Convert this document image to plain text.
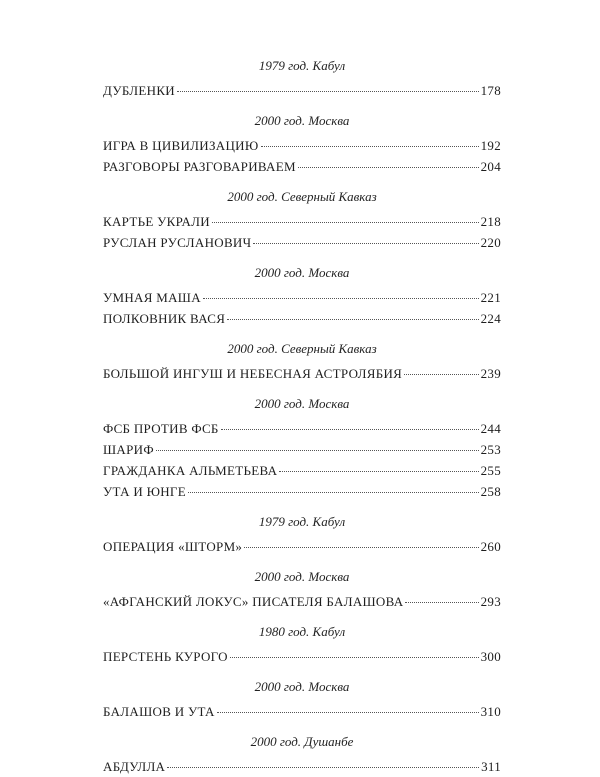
1979 год. Кабул
ДУБЛЕНКИ	178
2000 год. Москва
ИГРА В ЦИВИЛИЗАЦИЮ	192
РАЗГОВОРЫ РАЗГОВАРИВАЕМ	204
2000 год. Северный Кавказ
КАРТЬЕ УКРАЛИ	218
РУСЛАН РУСЛАНОВИЧ	220
2000 год. Москва
УМНАЯ МАША	221
ПОЛКОВНИК ВАСЯ	224
2000 год. Северный Кавказ
БОЛЬШОЙ ИНГУШ И НЕБЕСНАЯ АСТРОЛЯБИЯ	239
2000 год. Москва
ФСБ ПРОТИВ ФСБ	244
ШАРИФ	253
ГРАЖДАНКА АЛЬМЕТЬЕВА	255
УТА И ЮНГЕ	258
1979 год. Кабул
ОПЕРАЦИЯ «ШТОРМ»	260
2000 год. Москва
«АФГАНСКИЙ ЛОКУС» ПИСАТЕЛЯ БАЛАШОВА	293
1980 год. Кабул
ПЕРСТЕНЬ КУРОГО	300
2000 год. Москва
БАЛАШОВ И УТА	310
2000 год. Душанбе
АБДУЛЛА	311
